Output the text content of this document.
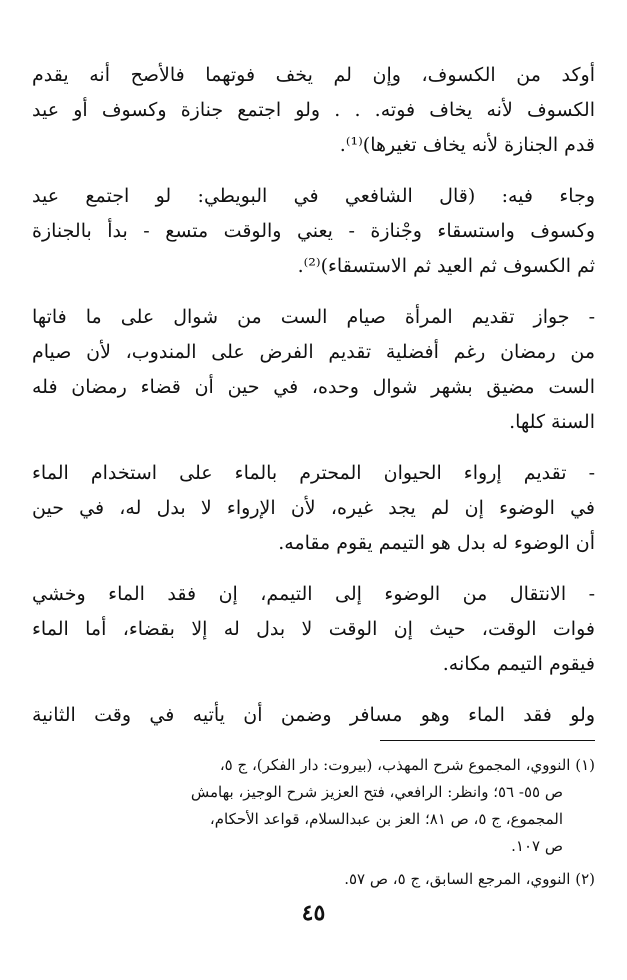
أوكد من الكسوف، وإن لم يخف فوتهما فالأصح أنه يقدم
الكسوف لأنه يخاف فوته. . . ولو اجتمع جنازة وكسوف أو عيد
قدم الجنازة لأنه يخاف تغيرها)⁽¹⁾.

وجاء فيه: (قال الشافعي في البويطي: لو اجتمع عيد
وكسوف واستسقاء وجْنازة - يعني والوقت متسع - بدأ بالجنازة
ثم الكسوف ثم العيد ثم الاستسقاء)⁽²⁾.

- جواز تقديم المرأة صيام الست من شوال على ما فاتها
من رمضان رغم أفضلية تقديم الفرض على المندوب، لأن صيام
الست مضيق بشهر شوال وحده، في حين أن قضاء رمضان فله
السنة كلها.

- تقديم إرواء الحيوان المحترم بالماء على استخدام الماء
في الوضوء إن لم يجد غيره، لأن الإرواء لا بدل له، في حين
أن الوضوء له بدل هو التيمم يقوم مقامه.

- الانتقال من الوضوء إلى التيمم، إن فقد الماء وخشي
فوات الوقت، حيث إن الوقت لا بدل له إلا بقضاء، أما الماء
فيقوم التيمم مكانه.

ولو فقد الماء وهو مسافر وضمن أن يأتيه في وقت الثانية

(١) النووي، المجموع شرح المهذب، (بيروت: دار الفكر)، ج ٥،
ص ٥٥- ٥٦؛ وانظر: الرافعي، فتح العزيز شرح الوجيز، بهامش
المجموع، ج ٥، ص ٨١؛ العز بن عبدالسلام، قواعد الأحكام،
ص ١٠٧.

(٢) النووي، المرجع السابق، ج ٥، ص ٥٧.

٤٥
